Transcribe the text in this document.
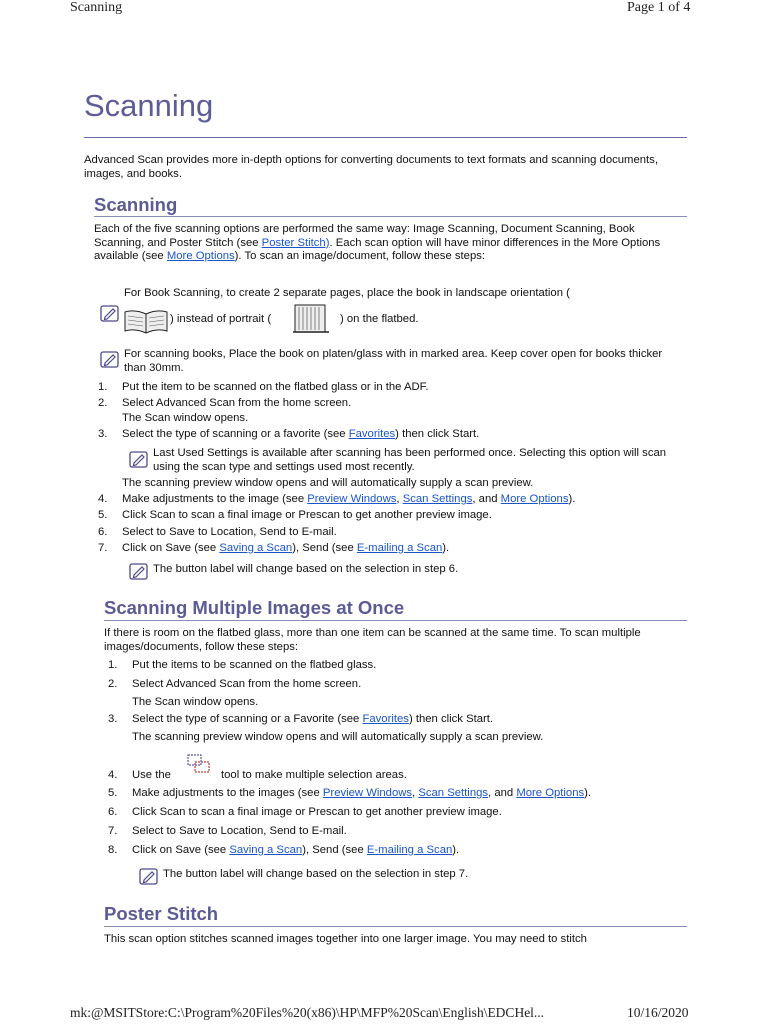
Scanning	Page 1 of 4
Scanning
Advanced Scan provides more in-depth options for converting documents to text formats and scanning documents, images, and books.
Scanning
Each of the five scanning options are performed the same way: Image Scanning, Document Scanning, Book Scanning, and Poster Stitch (see Poster Stitch). Each scan option will have minor differences in the More Options available (see More Options). To scan an image/document, follow these steps:
For Book Scanning, to create 2 separate pages, place the book in landscape orientation (
) instead of portrait (	) on the flatbed.
For scanning books, Place the book on platen/glass with in marked area. Keep cover open for books thicker than 30mm.
1. Put the item to be scanned on the flatbed glass or in the ADF.
2. Select Advanced Scan from the home screen.
The Scan window opens.
3. Select the type of scanning or a favorite (see Favorites) then click Start.
Last Used Settings is available after scanning has been performed once. Selecting this option will scan using the scan type and settings used most recently.
The scanning preview window opens and will automatically supply a scan preview.
4. Make adjustments to the image (see Preview Windows, Scan Settings, and More Options).
5. Click Scan to scan a final image or Prescan to get another preview image.
6. Select to Save to Location, Send to E-mail.
7. Click on Save (see Saving a Scan), Send (see E-mailing a Scan).
The button label will change based on the selection in step 6.
Scanning Multiple Images at Once
If there is room on the flatbed glass, more than one item can be scanned at the same time. To scan multiple images/documents, follow these steps:
1. Put the items to be scanned on the flatbed glass.
2. Select Advanced Scan from the home screen.
The Scan window opens.
3. Select the type of scanning or a Favorite (see Favorites) then click Start.
The scanning preview window opens and will automatically supply a scan preview.
4. Use the	tool to make multiple selection areas.
5. Make adjustments to the images (see Preview Windows, Scan Settings, and More Options).
6. Click Scan to scan a final image or Prescan to get another preview image.
7. Select to Save to Location, Send to E-mail.
8. Click on Save (see Saving a Scan), Send (see E-mailing a Scan).
The button label will change based on the selection in step 7.
Poster Stitch
This scan option stitches scanned images together into one larger image. You may need to stitch
mk:@MSITStore:C:\Program%20Files%20(x86)\HP\MFP%20Scan\English\EDCHel...	10/16/2020
